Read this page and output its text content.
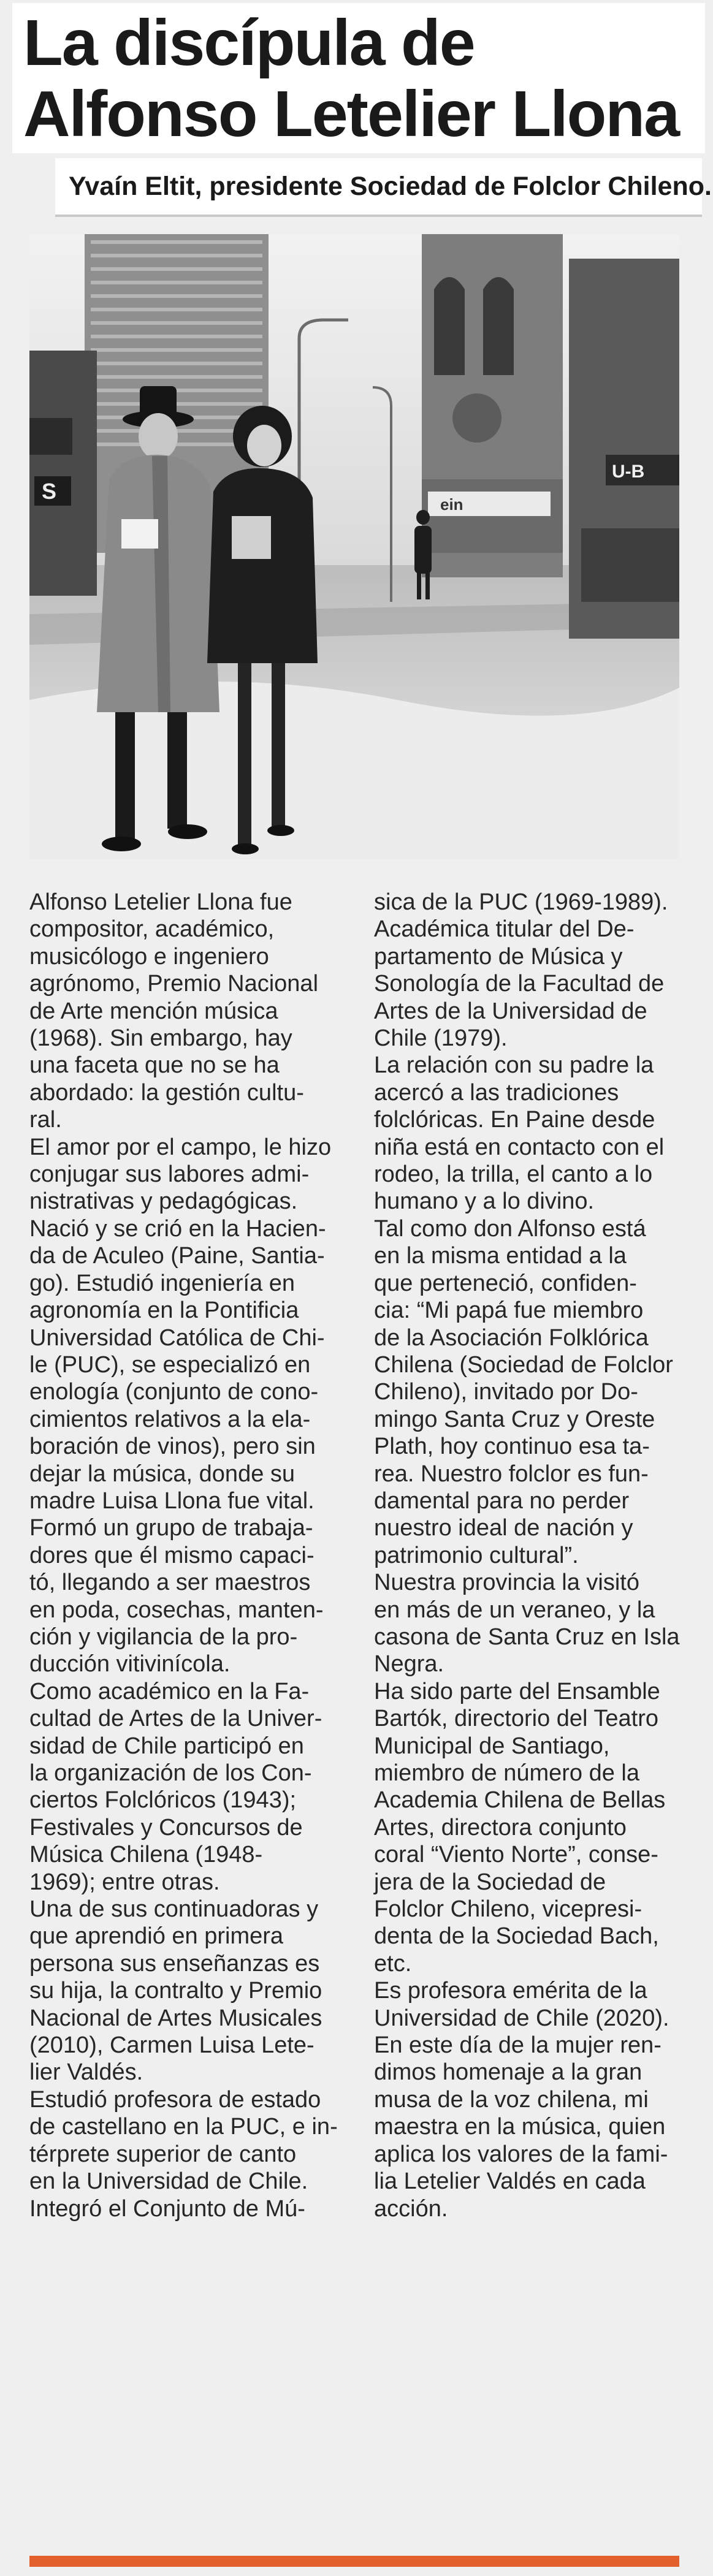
La discípula de
Alfonso Letelier Llona
Yvaín Eltit, presidente Sociedad de Folclor Chileno.
S
ein
U-B
Alfonso Letelier Llona fue
compositor, académico,
musicólogo e ingeniero
agrónomo, Premio Nacional
de Arte mención música
(1968). Sin embargo, hay
una faceta que no se ha
abordado: la gestión cultu-
ral.
El amor por el campo, le hizo
conjugar sus labores admi-
nistrativas y pedagógicas.
Nació y se crió en la Hacien-
da de Aculeo (Paine, Santia-
go). Estudió ingeniería en
agronomía en la Pontificia
Universidad Católica de Chi-
le (PUC), se especializó en
enología (conjunto de cono-
cimientos relativos a la ela-
boración de vinos), pero sin
dejar la música, donde su
madre Luisa Llona fue vital.
Formó un grupo de trabaja-
dores que él mismo capaci-
tó, llegando a ser maestros
en poda, cosechas, manten-
ción y vigilancia de la pro-
ducción vitivinícola.
Como académico en la Fa-
cultad de Artes de la Univer-
sidad de Chile participó en
la organización de los Con-
ciertos Folclóricos (1943);
Festivales y Concursos de
Música Chilena (1948-
1969); entre otras.
Una de sus continuadoras y
que aprendió en primera
persona sus enseñanzas es
su hija, la contralto y Premio
Nacional de Artes Musicales
(2010), Carmen Luisa Lete-
lier Valdés.
Estudió profesora de estado
de castellano en la PUC, e in-
térprete superior de canto
en la Universidad de Chile.
Integró el Conjunto de Mú-
sica de la PUC (1969-1989).
Académica titular del De-
partamento de Música y
Sonología de la Facultad de
Artes de la Universidad de
Chile (1979).
La relación con su padre la
acercó a las tradiciones
folclóricas. En Paine desde
niña está en contacto con el
rodeo, la trilla, el canto a lo
humano y a lo divino.
Tal como don Alfonso está
en la misma entidad a la
que perteneció, confiden-
cia: “Mi papá fue miembro
de la Asociación Folklórica
Chilena (Sociedad de Folclor
Chileno), invitado por Do-
mingo Santa Cruz y Oreste
Plath, hoy continuo esa ta-
rea. Nuestro folclor es fun-
damental para no perder
nuestro ideal de nación y
patrimonio cultural”.
Nuestra provincia la visitó
en más de un veraneo, y la
casona de Santa Cruz en Isla
Negra.
Ha sido parte del Ensamble
Bartók, directorio del Teatro
Municipal de Santiago,
miembro de número de la
Academia Chilena de Bellas
Artes, directora conjunto
coral “Viento Norte”, conse-
jera de la Sociedad de
Folclor Chileno, vicepresi-
denta de la Sociedad Bach,
etc.
Es profesora emérita de la
Universidad de Chile (2020).
En este día de la mujer ren-
dimos homenaje a la gran
musa de la voz chilena, mi
maestra en la música, quien
aplica los valores de la fami-
lia Letelier Valdés en cada
acción.
